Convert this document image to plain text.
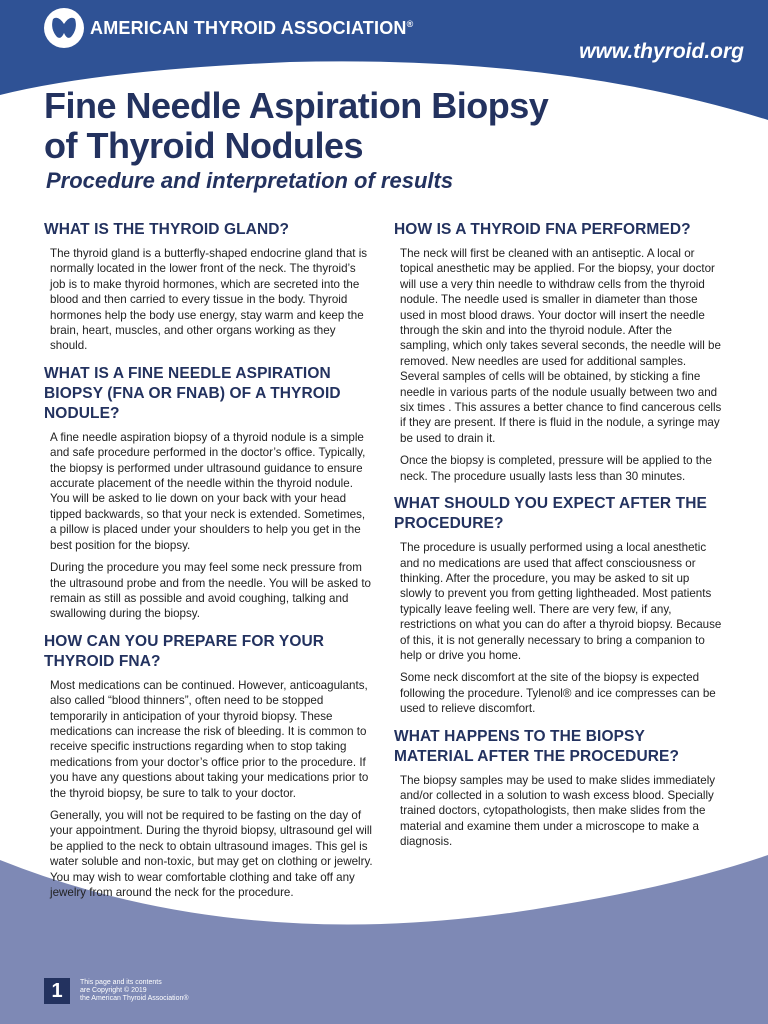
AMERICAN THYROID ASSOCIATION®
www.thyroid.org
Fine Needle Aspiration Biopsy
of Thyroid Nodules
Procedure and interpretation of results
WHAT IS THE THYROID GLAND?

The thyroid gland is a butterfly-shaped endocrine gland that is normally located in the lower front of the neck. The thyroid’s job is to make thyroid hormones, which are secreted into the blood and then carried to every tissue in the body. Thyroid hormones help the body use energy, stay warm and keep the brain, heart, muscles, and other organs working as they should.

WHAT IS A FINE NEEDLE ASPIRATION BIOPSY (FNA OR FNAB) OF A THYROID NODULE?

A fine needle aspiration biopsy of a thyroid nodule is a simple and safe procedure performed in the doctor’s office. Typically, the biopsy is performed under ultrasound guidance to ensure accurate placement of the needle within the thyroid nodule. You will be asked to lie down on your back with your head tipped backwards, so that your neck is extended. Sometimes, a pillow is placed under your shoulders to help you get in the best position for the biopsy.

During the procedure you may feel some neck pressure from the ultrasound probe and from the needle. You will be asked to remain as still as possible and avoid coughing, talking and swallowing during the biopsy.

HOW CAN YOU PREPARE FOR YOUR THYROID FNA?

Most medications can be continued. However, anticoagulants, also called “blood thinners”, often need to be stopped temporarily in anticipation of your thyroid biopsy. These medications can increase the risk of bleeding. It is common to receive specific instructions regarding when to stop taking medications from your doctor’s office prior to the procedure. If you have any questions about taking your medications prior to the thyroid biopsy, be sure to talk to your doctor.

Generally, you will not be required to be fasting on the day of your appointment. During the thyroid biopsy, ultrasound gel will be applied to the neck to obtain ultrasound images. This gel is water soluble and non-toxic, but may get on clothing or jewelry. You may wish to wear comfortable clothing and take off any jewelry from around the neck for the procedure.

HOW IS A THYROID FNA PERFORMED?

The neck will first be cleaned with an antiseptic. A local or topical anesthetic may be applied. For the biopsy, your doctor will use a very thin needle to withdraw cells from the thyroid nodule. The needle used is smaller in diameter than those used in most blood draws. Your doctor will insert the needle through the skin and into the thyroid nodule. After the sampling, which only takes several seconds, the needle will be removed. New needles are used for additional samples. Several samples of cells will be obtained, by sticking a fine needle in various parts of the nodule usually between two and six times . This assures a better chance to find cancerous cells if they are present. If there is fluid in the nodule, a syringe may be used to drain it.

Once the biopsy is completed, pressure will be applied to the neck. The procedure usually lasts less than 30 minutes.

WHAT SHOULD YOU EXPECT AFTER THE PROCEDURE?

The procedure is usually performed using a local anesthetic and no medications are used that affect consciousness or thinking. After the procedure, you may be asked to sit up slowly to prevent you from getting lightheaded. Most patients typically leave feeling well. There are very few, if any, restrictions on what you can do after a thyroid biopsy. Because of this, it is not generally necessary to bring a companion to help or drive you home.

Some neck discomfort at the site of the biopsy is expected following the procedure. Tylenol® and ice compresses can be used to relieve discomfort.

WHAT HAPPENS TO THE BIOPSY MATERIAL AFTER THE PROCEDURE?

The biopsy samples may be used to make slides immediately and/or collected in a solution to wash excess blood. Specially trained doctors, cytopathologists, then make slides from the material and examine them under a microscope to make a diagnosis.

1	This page and its contents
are Copyright © 2019
the American Thyroid Association®
